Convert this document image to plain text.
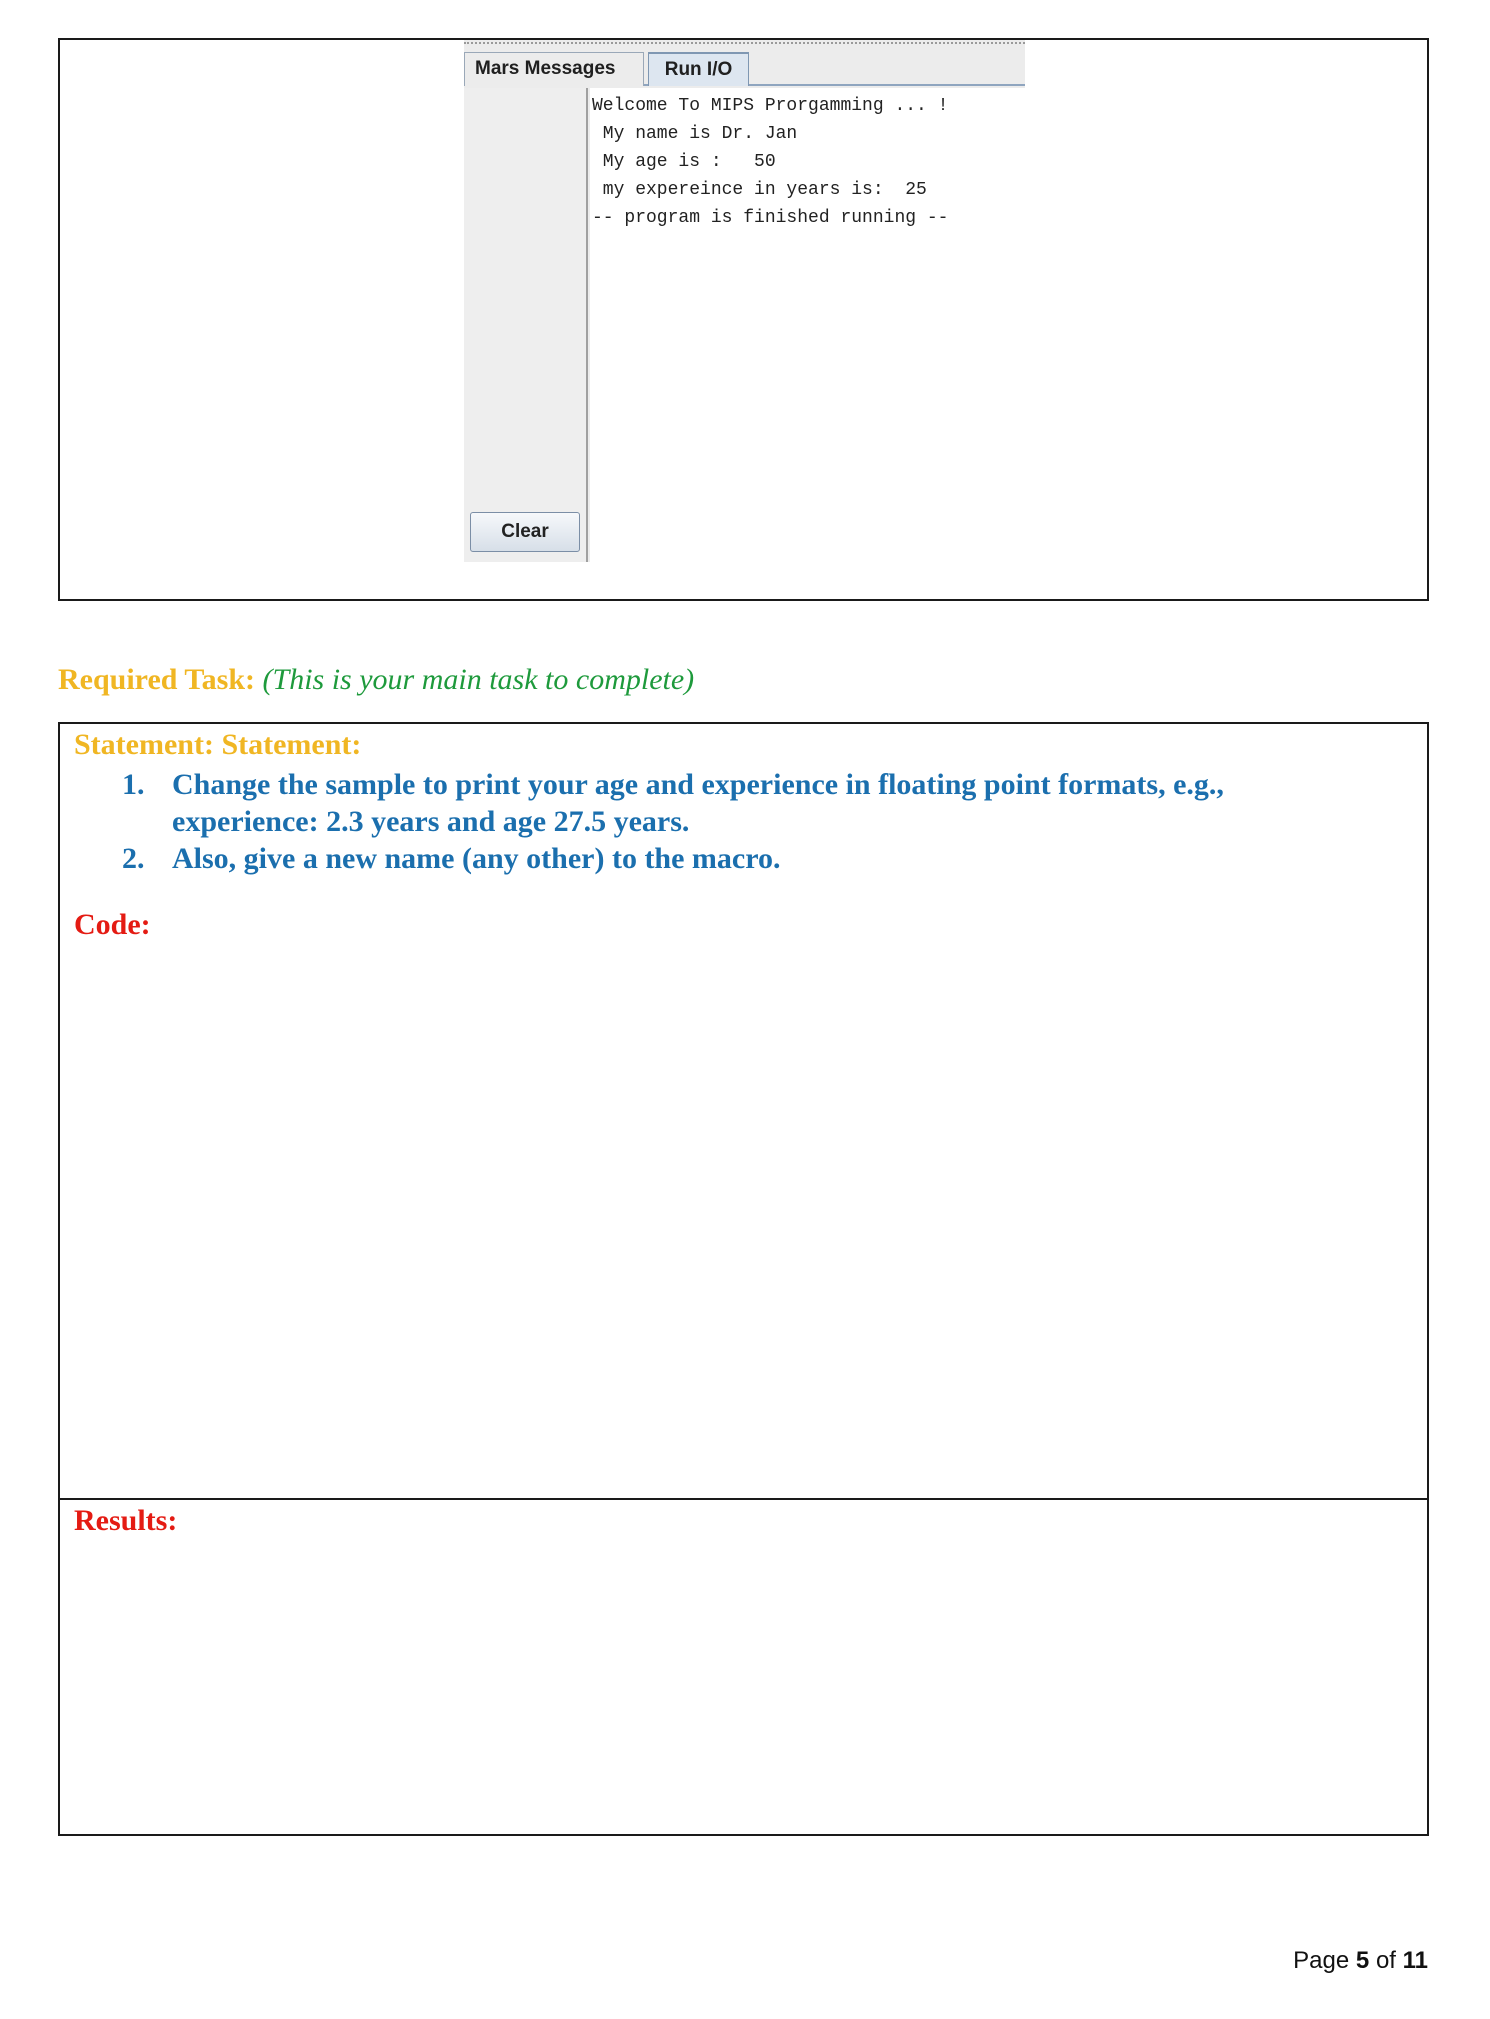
Mars Messages	Run I/O
Clear
Welcome To MIPS Prorgamming ... !
My name is Dr. Jan
My age is :   50
my expereince in years is:  25
-- program is finished running --
Required Task: (This is your main task to complete)
Statement: Statement:
1. Change the sample to print your age and experience in floating point formats, e.g., experience: 2.3 years and age 27.5 years.
2. Also, give a new name (any other) to the macro.
Code:
Results:
Page 5 of 11
